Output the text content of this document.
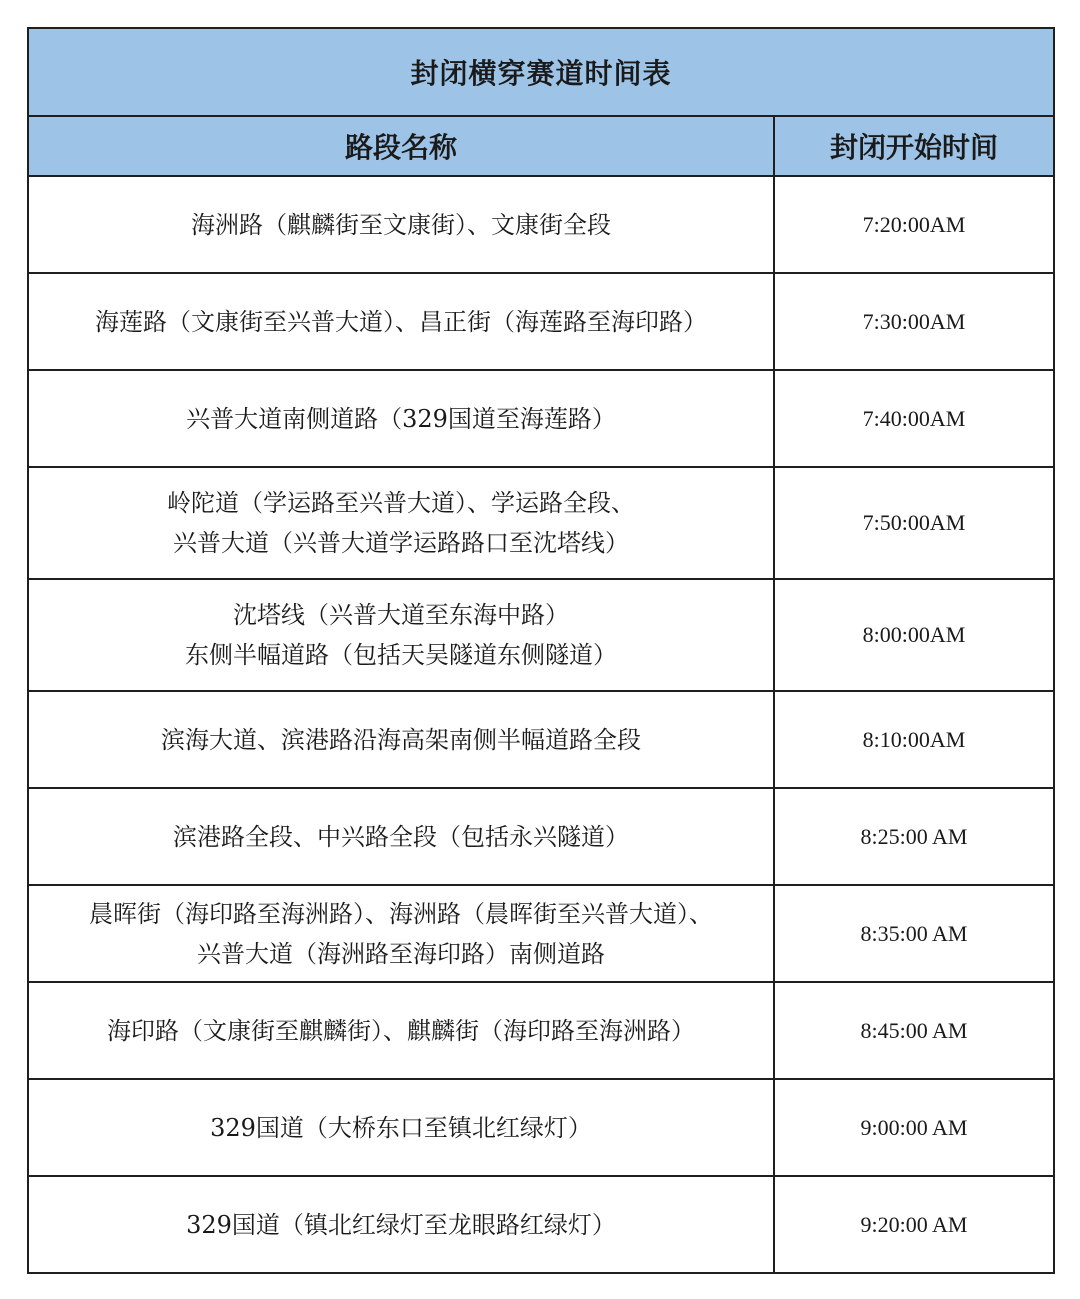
封闭横穿赛道时间表	
路段名称	封闭开始时间
海洲路（麒麟街至文康街）、文康街全段	7:20:00AM
海莲路（文康街至兴普大道）、昌正街（海莲路至海印路）	7:30:00AM
兴普大道南侧道路（329国道至海莲路）	7:40:00AM
岭陀道（学运路至兴普大道）、学运路全段、
兴普大道（兴普大道学运路路口至沈塔线）	7:50:00AM
沈塔线（兴普大道至东海中路）
东侧半幅道路（包括天吴隧道东侧隧道）	8:00:00AM
滨海大道、滨港路沿海高架南侧半幅道路全段	8:10:00AM
滨港路全段、中兴路全段（包括永兴隧道）	8:25:00 AM
晨晖街（海印路至海洲路）、海洲路（晨晖街至兴普大道）、
兴普大道（海洲路至海印路）南侧道路	8:35:00 AM
海印路（文康街至麒麟街）、麒麟街（海印路至海洲路）	8:45:00 AM
329国道（大桥东口至镇北红绿灯）	9:00:00 AM
329国道（镇北红绿灯至龙眼路红绿灯）	9:20:00 AM
